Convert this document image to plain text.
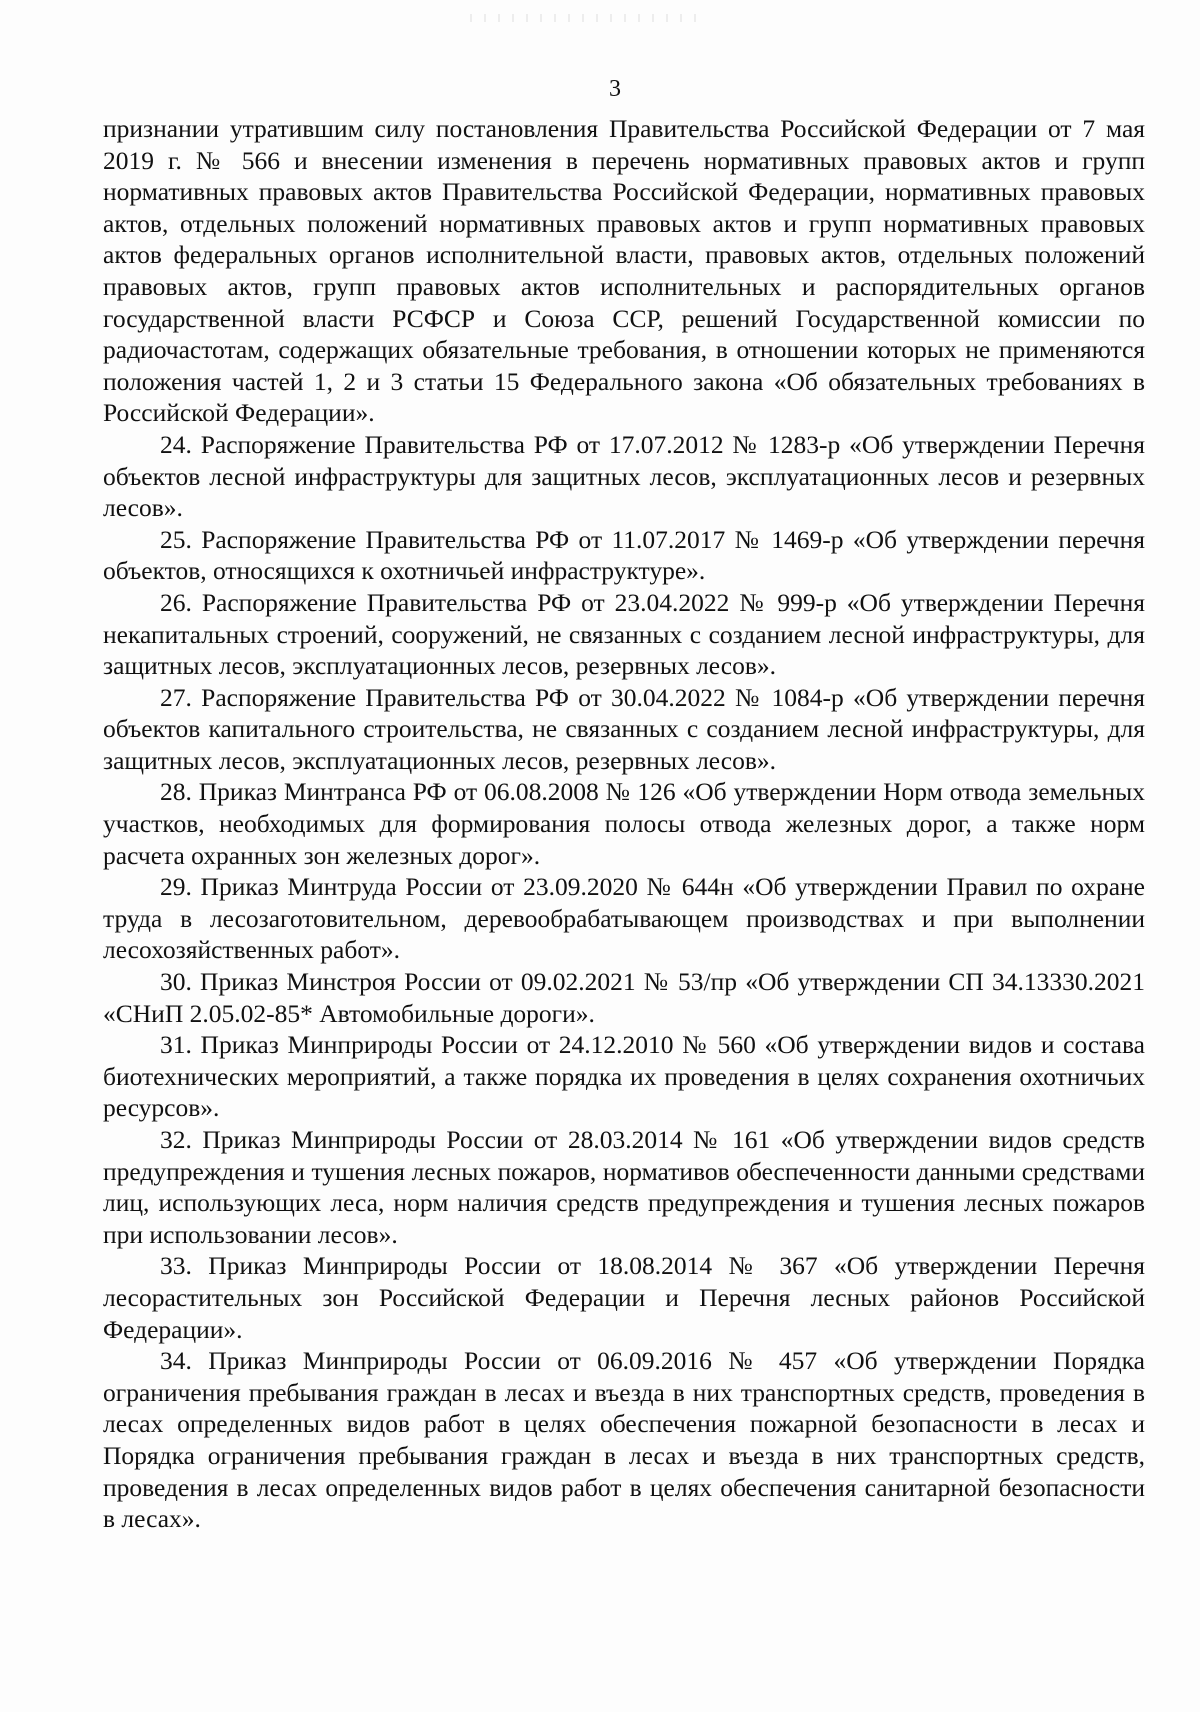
3

признании утратившим силу постановления Правительства Российской Федерации от 7 мая 2019 г. № 566 и внесении изменения в перечень нормативных правовых актов и групп нормативных правовых актов Правительства Российской Федерации, нормативных правовых актов, отдельных положений нормативных правовых актов и групп нормативных правовых актов федеральных органов исполнительной власти, правовых актов, отдельных положений правовых актов, групп правовых актов исполнительных и распорядительных органов государственной власти РСФСР и Союза ССР, решений Государственной комиссии по радиочастотам, содержащих обязательные требования, в отношении которых не применяются положения частей 1, 2 и 3 статьи 15 Федерального закона «Об обязательных требованиях в Российской Федерации».

24. Распоряжение Правительства РФ от 17.07.2012 № 1283-р «Об утверждении Перечня объектов лесной инфраструктуры для защитных лесов, эксплуатационных лесов и резервных лесов».

25. Распоряжение Правительства РФ от 11.07.2017 № 1469-р «Об утверждении перечня объектов, относящихся к охотничьей инфраструктуре».

26. Распоряжение Правительства РФ от 23.04.2022 № 999-р «Об утверждении Перечня некапитальных строений, сооружений, не связанных с созданием лесной инфраструктуры, для защитных лесов, эксплуатационных лесов, резервных лесов».

27. Распоряжение Правительства РФ от 30.04.2022 № 1084-р «Об утверждении перечня объектов капитального строительства, не связанных с созданием лесной инфраструктуры, для защитных лесов, эксплуатационных лесов, резервных лесов».

28. Приказ Минтранса РФ от 06.08.2008 № 126 «Об утверждении Норм отвода земельных участков, необходимых для формирования полосы отвода железных дорог, а также норм расчета охранных зон железных дорог».

29. Приказ Минтруда России от 23.09.2020 № 644н «Об утверждении Правил по охране труда в лесозаготовительном, деревообрабатывающем производствах и при выполнении лесохозяйственных работ».

30. Приказ Минстроя России от 09.02.2021 № 53/пр «Об утверждении СП 34.13330.2021 «СНиП 2.05.02-85* Автомобильные дороги».

31. Приказ Минприроды России от 24.12.2010 № 560 «Об утверждении видов и состава биотехнических мероприятий, а также порядка их проведения в целях сохранения охотничьих ресурсов».

32. Приказ Минприроды России от 28.03.2014 № 161 «Об утверждении видов средств предупреждения и тушения лесных пожаров, нормативов обеспеченности данными средствами лиц, использующих леса, норм наличия средств предупреждения и тушения лесных пожаров при использовании лесов».

33. Приказ Минприроды России от 18.08.2014 № 367 «Об утверждении Перечня лесорастительных зон Российской Федерации и Перечня лесных районов Российской Федерации».

34. Приказ Минприроды России от 06.09.2016 № 457 «Об утверждении Порядка ограничения пребывания граждан в лесах и въезда в них транспортных средств, проведения в лесах определенных видов работ в целях обеспечения пожарной безопасности в лесах и Порядка ограничения пребывания граждан в лесах и въезда в них транспортных средств, проведения в лесах определенных видов работ в целях обеспечения санитарной безопасности в лесах».
